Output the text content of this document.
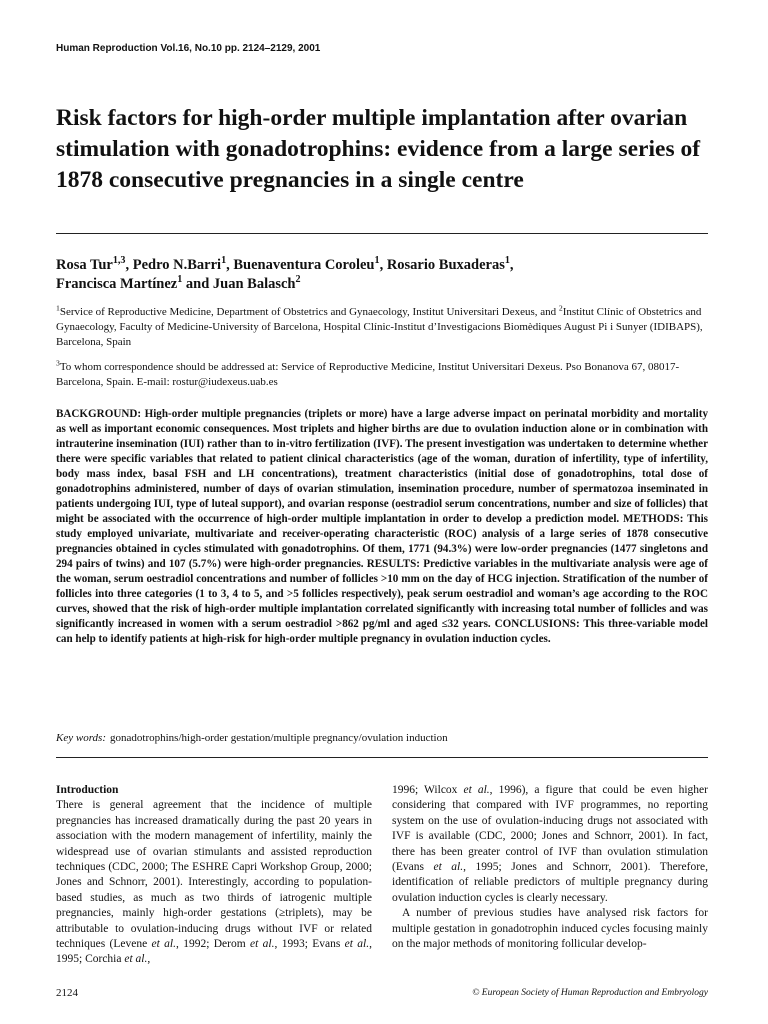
Human Reproduction Vol.16, No.10 pp. 2124–2129, 2001
Risk factors for high-order multiple implantation after ovarian stimulation with gonadotrophins: evidence from a large series of 1878 consecutive pregnancies in a single centre

Rosa Tur$^{1,3}$, Pedro N.Barri$^1$, Buenaventura Coroleu$^1$, Rosario Buxaderas$^1$,
Francisca Martínez$^1$ and Juan Balasch$^2$

$^1$Service of Reproductive Medicine, Department of Obstetrics and Gynaecology, Institut Universitari Dexeus, and $^2$Institut Clínic of Obstetrics and Gynaecology, Faculty of Medicine-University of Barcelona, Hospital Clínic-Institut d’Investigacions Biomèdiques August Pi i Sunyer (IDIBAPS), Barcelona, Spain

$^3$To whom correspondence should be addressed at: Service of Reproductive Medicine, Institut Universitari Dexeus. Pso Bonanova 67, 08017-Barcelona, Spain. E-mail: rostur@iudexeus.uab.es

BACKGROUND: High-order multiple pregnancies (triplets or more) have a large adverse impact on perinatal morbidity and mortality as well as important economic consequences. Most triplets and higher births are due to ovulation induction alone or in combination with intrauterine insemination (IUI) rather than to in-vitro fertilization (IVF). The present investigation was undertaken to determine whether there were specific variables that related to patient clinical characteristics (age of the woman, duration of infertility, type of infertility, body mass index, basal FSH and LH concentrations), treatment characteristics (initial dose of gonadotrophins, total dose of gonadotrophins administered, number of days of ovarian stimulation, insemination procedure, number of spermatozoa inseminated in patients undergoing IUI, type of luteal support), and ovarian response (oestradiol serum concentrations, number and size of follicles) that might be associated with the occurrence of high-order multiple implantation in order to develop a prediction model. METHODS: This study employed univariate, multivariate and receiver-operating characteristic (ROC) analysis of a large series of 1878 consecutive pregnancies obtained in cycles stimulated with gonadotrophins. Of them, 1771 (94.3%) were low-order pregnancies (1477 singletons and 294 pairs of twins) and 107 (5.7%) were high-order pregnancies. RESULTS: Predictive variables in the multivariate analysis were age of the woman, serum oestradiol concentrations and number of follicles >10 mm on the day of HCG injection. Stratification of the number of follicles into three categories (1 to 3, 4 to 5, and >5 follicles respectively), peak serum oestradiol and woman’s age according to the ROC curves, showed that the risk of high-order multiple implantation correlated significantly with increasing total number of follicles and was significantly increased in women with a serum oestradiol >862 pg/ml and aged ≤32 years. CONCLUSIONS: This three-variable model can help to identify patients at high-risk for high-order multiple pregnancy in ovulation induction cycles.

Key words: gonadotrophins/high-order gestation/multiple pregnancy/ovulation induction

Introduction

There is general agreement that the incidence of multiple pregnancies has increased dramatically during the past 20 years in association with the modern management of infertility, mainly the widespread use of ovarian stimulants and assisted reproduction techniques (CDC, 2000; The ESHRE Capri Workshop Group, 2000; Jones and Schnorr, 2001). Interestingly, according to population-based studies, as much as two thirds of iatrogenic multiple pregnancies, mainly high-order gestations (≥triplets), may be attributable to ovulation-inducing drugs without IVF or related techniques (Levene et al., 1992; Derom et al., 1993; Evans et al., 1995; Corchia et al.,

1996; Wilcox et al., 1996), a figure that could be even higher considering that compared with IVF programmes, no reporting system on the use of ovulation-inducing drugs not associated with IVF is available (CDC, 2000; Jones and Schnorr, 2001). In fact, there has been greater control of IVF than ovulation stimulation (Evans et al., 1995; Jones and Schnorr, 2001). Therefore, identification of reliable predictors of multiple pregnancy during ovulation induction cycles is clearly necessary.

A number of previous studies have analysed risk factors for multiple gestation in gonadotrophin induced cycles focusing mainly on the major methods of monitoring follicular develop-

2124	© European Society of Human Reproduction and Embryology
